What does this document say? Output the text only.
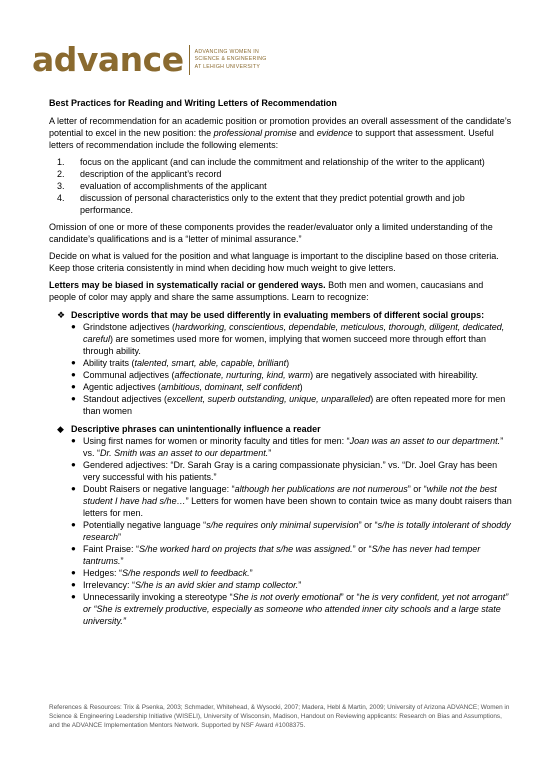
advance ADVANCING WOMEN IN
SCIENCE & ENGINEERING
AT LEHIGH UNIVERSITY
Best Practices for Reading and Writing Letters of Recommendation

A letter of recommendation for an academic position or promotion provides an overall assessment of the candidate’s potential to excel in the new position: the professional promise and evidence to support that assessment. Useful letters of recommendation include the following elements:

1.	focus on the applicant (and can include the commitment and relationship of the writer to the applicant)
2.	description of the applicant’s record
3.	evaluation of accomplishments of the applicant
4.	discussion of personal characteristics only to the extent that they predict potential growth and job performance.

Omission of one or more of these components provides the reader/evaluator only a limited understanding of the candidate’s qualifications and is a “letter of minimal assurance.”

Decide on what is valued for the position and what language is important to the discipline based on those criteria. Keep those criteria consistently in mind when deciding how much weight to give letters.

Letters may be biased in systematically racial or gendered ways. Both men and women, caucasians and people of color may apply and share the same assumptions. Learn to recognize:

❖ Descriptive words that may be used differently in evaluating members of different social groups:
● Grindstone adjectives (hardworking, conscientious, dependable, meticulous, thorough, diligent, dedicated, careful) are sometimes used more for women, implying that women succeed more through effort than through ability.
● Ability traits (talented, smart, able, capable, brilliant)
● Communal adjectives (affectionate, nurturing, kind, warm) are negatively associated with hireability.
● Agentic adjectives (ambitious, dominant, self confident)
● Standout adjectives (excellent, superb outstanding, unique, unparalleled) are often repeated more for men than women
◆ Descriptive phrases can unintentionally influence a reader
● Using first names for women or minority faculty and titles for men: “Joan was an asset to our department.” vs. “Dr. Smith was an asset to our department.”
● Gendered adjectives: “Dr. Sarah Gray is a caring compassionate physician.” vs. “Dr. Joel Gray has been very successful with his patients.”
● Doubt Raisers or negative language: “although her publications are not numerous” or “while not the best student I have had s/he…” Letters for women have been shown to contain twice as many doubt raisers than letters for men.
● Potentially negative language “s/he requires only minimal supervision” or “s/he is totally intolerant of shoddy research”
● Faint Praise: “S/he worked hard on projects that s/he was assigned.” or “S/he has never had temper tantrums.”
● Hedges: “S/he responds well to feedback.”
● Irrelevancy: “S/he is an avid skier and stamp collector.”
● Unnecessarily invoking a stereotype “She is not overly emotional” or “he is very confident, yet not arrogant” or “She is extremely productive, especially as someone who attended inner city schools and a large state university.”
References & Resources: Trix & Psenka, 2003; Schmader, Whitehead, & Wysocki, 2007; Madera, Hebl & Martin, 2009; University of Arizona ADVANCE; Women in Science & Engineering Leadership Initiative (WISELI), University of Wisconsin, Madison, Handout on Reviewing applicants: Research on Bias and Assumptions, and the ADVANCE Implementation Mentors Network. Supported by NSF Award #1008375.
